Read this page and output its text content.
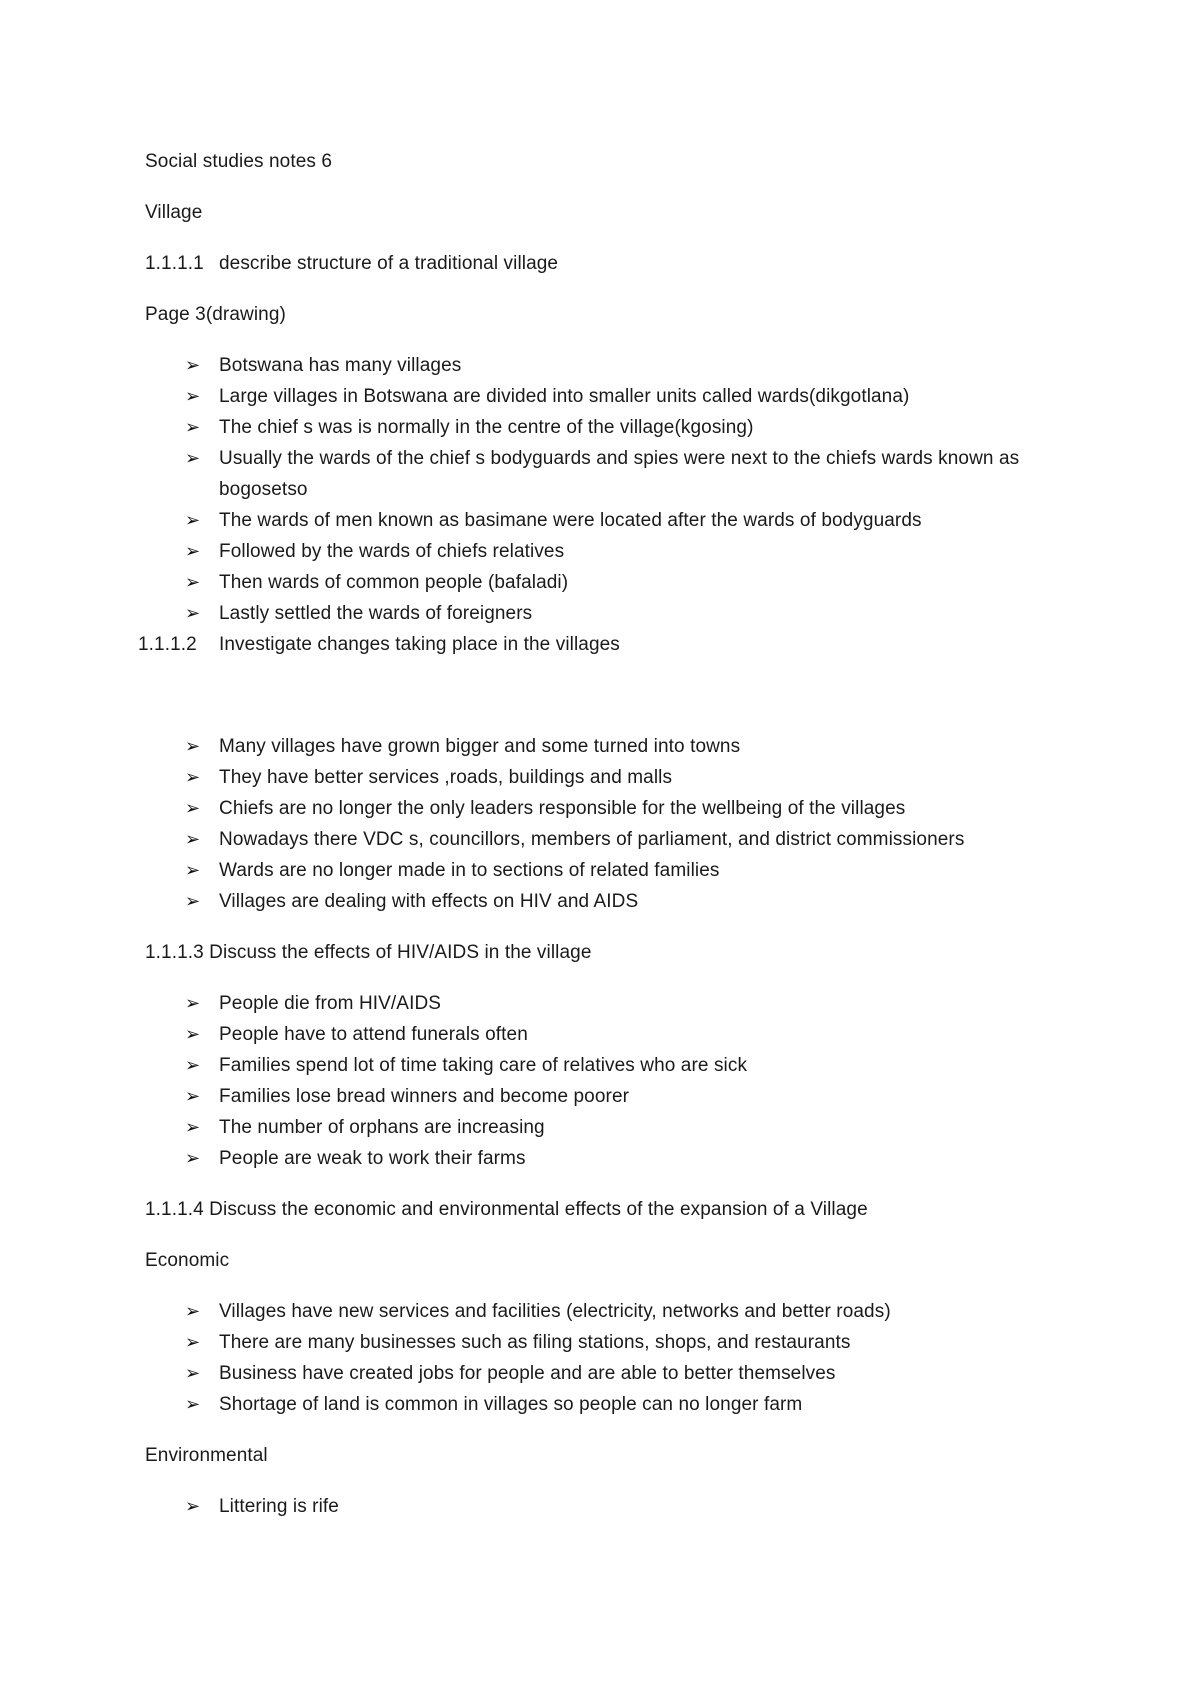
Social studies notes 6

Village

1.1.1.1 describe structure of a traditional village

Page 3(drawing)

➢ Botswana has many villages
➢ Large villages in Botswana are divided into smaller units called wards(dikgotlana)
➢ The chief s was is normally in the centre of the village(kgosing)
➢ Usually the wards of the chief s bodyguards and spies were next to the chiefs wards known as bogosetso
➢ The wards of men known as basimane were located after the wards of bodyguards
➢ Followed by the wards of chiefs relatives
➢ Then wards of common people (bafaladi)
➢ Lastly settled the wards of foreigners

1.1.1.2 Investigate changes taking place in the villages

➢ Many villages have grown bigger and some turned into towns
➢ They have better services ,roads, buildings and malls
➢ Chiefs are no longer the only leaders responsible for the wellbeing of the villages
➢ Nowadays there VDC s, councillors, members of parliament, and district commissioners
➢ Wards are no longer made in to sections of related families
➢ Villages are dealing with effects on HIV and AIDS

1.1.1.3 Discuss the effects of HIV/AIDS in the village

➢ People die from HIV/AIDS
➢ People have to attend funerals often
➢ Families spend lot of time taking care of relatives who are sick
➢ Families lose bread winners and become poorer
➢ The number of orphans are increasing
➢ People are weak to work their farms

1.1.1.4 Discuss the economic and environmental effects of the expansion of a Village

Economic

➢ Villages have new services and facilities (electricity, networks and better roads)
➢ There are many businesses such as filing stations, shops, and restaurants
➢ Business have created jobs for people and are able to better themselves
➢ Shortage of land is common in villages so people can no longer farm

Environmental

➢ Littering is rife
